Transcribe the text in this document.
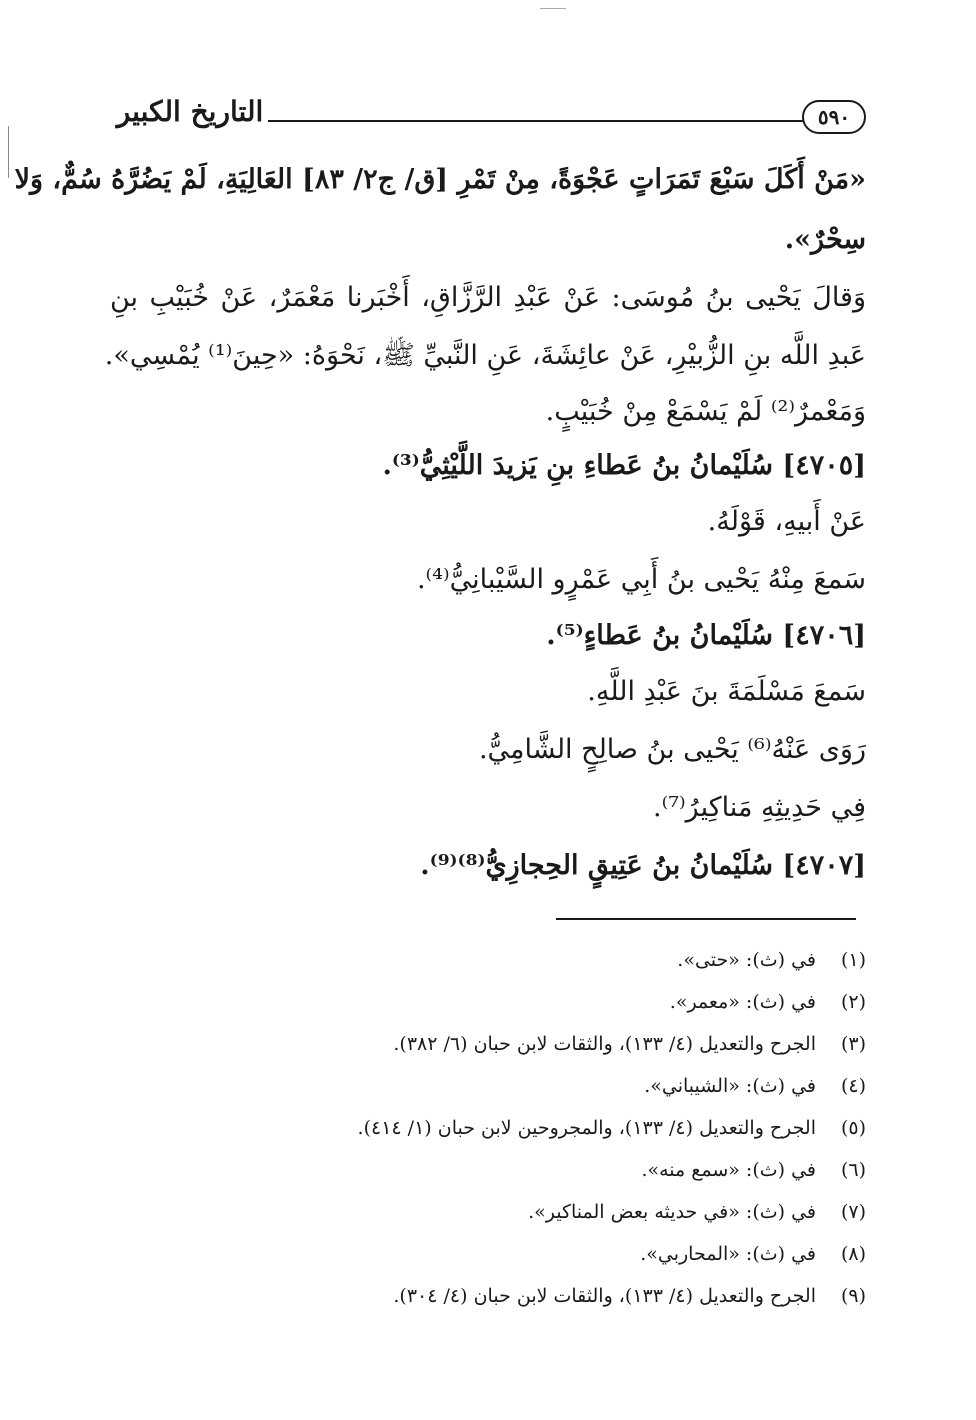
التاريخ الكبير	٥٩٠
«مَنْ أَكَلَ سَبْعَ تَمَرَاتٍ عَجْوَةً، مِنْ تَمْرِ [ق/ ج٢/ ٨٣] العَالِيَةِ، لَمْ يَضُرَّهُ سُمٌّ، وَلا
سِحْرٌ».
وَقالَ يَحْيى بنُ مُوسَى: عَنْ عَبْدِ الرَّزَّاقِ، أَخْبَرنا مَعْمَرٌ، عَنْ خُبَيْبِ بنِ
عَبدِ اللَّه بنِ الزُّبيْرِ، عَنْ عائِشَةَ، عَنِ النَّبيِّ ﷺ، نَحْوَهُ: «حِينَ⁽¹⁾ يُمْسِي».
وَمَعْمرٌ⁽²⁾ لَمْ يَسْمَعْ مِنْ خُبَيْبٍ.
[٤٧٠٥] سُلَيْمانُ بنُ عَطاءِ بنِ يَزيدَ اللَّيْثِيُّ⁽³⁾.
عَنْ أَبيهِ، قَوْلَهُ.
سَمعَ مِنْهُ يَحْيى بنُ أَبِي عَمْرٍو السَّيْبانِيُّ⁽⁴⁾.
[٤٧٠٦] سُلَيْمانُ بنُ عَطاءٍ⁽⁵⁾.
سَمعَ مَسْلَمَةَ بنَ عَبْدِ اللَّهِ.
رَوَى عَنْهُ⁽⁶⁾ يَحْيى بنُ صالِحٍ الشَّامِيُّ.
فِي حَدِيثِهِ مَناكِيرُ⁽⁷⁾.
[٤٧٠٧] سُلَيْمانُ بنُ عَتِيقٍ الحِجازِيُّ⁽⁸⁾⁽⁹⁾.
(١)في (ث): «حتى».
(٢)في (ث): «معمر».
(٣)الجرح والتعديل (٤/ ١٣٣)، والثقات لابن حبان (٦/ ٣٨٢).
(٤)في (ث): «الشيباني».
(٥)الجرح والتعديل (٤/ ١٣٣)، والمجروحين لابن حبان (١/ ٤١٤).
(٦)في (ث): «سمع منه».
(٧)في (ث): «في حديثه بعض المناكير».
(٨)في (ث): «المحاربي».
(٩)الجرح والتعديل (٤/ ١٣٣)، والثقات لابن حبان (٤/ ٣٠٤).
